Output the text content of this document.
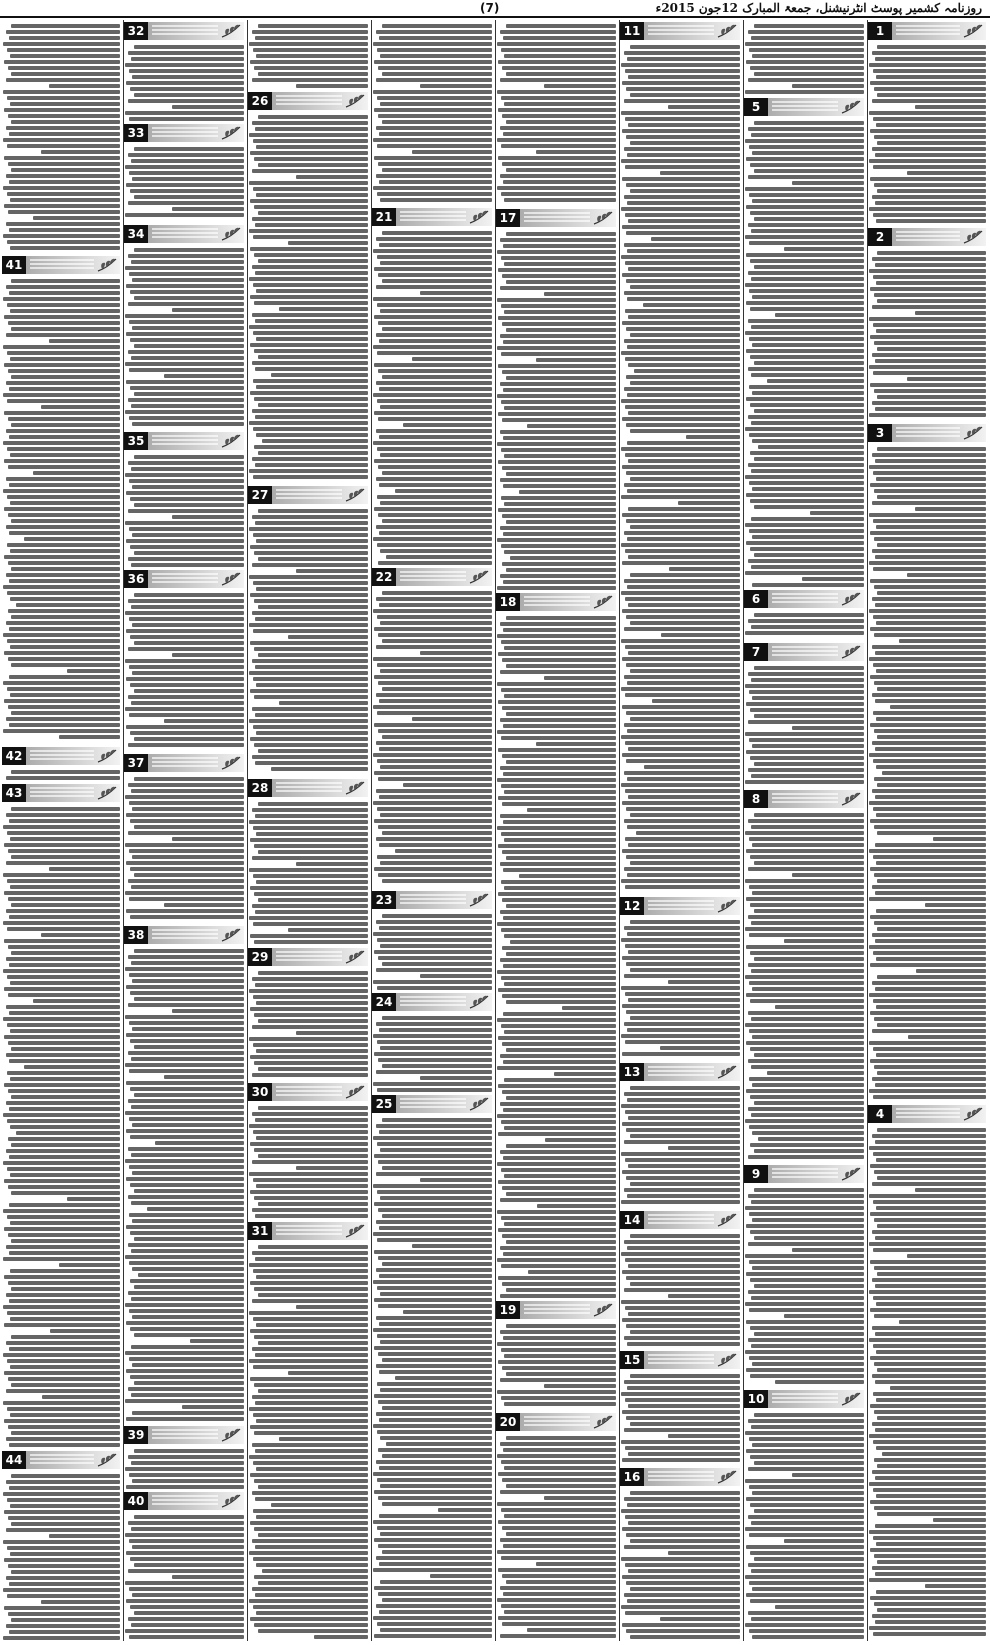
روزنامہ کشمیر پوسٹ انٹرنیشنل، جمعۃ المبارک 12جون 2015ء
(7)
1
2
3
4
5
6
7
8
9
10
11
12
13
14
15
16
17
18
19
20
21
22
23
24
25
26
27
28
29
30
31
32
33
34
35
36
37
38
39
40
41
42
43
44
